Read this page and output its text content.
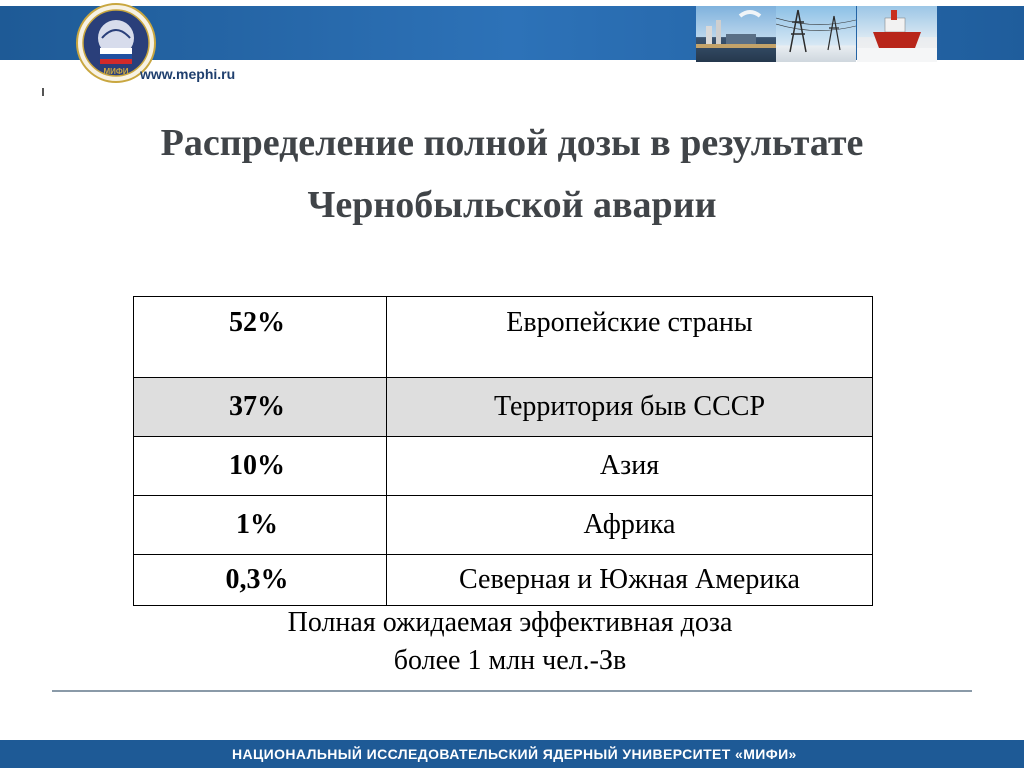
МИФИ www.mephi.ru
Распределение полной дозы в результате
Чернобыльской аварии
52%	Европейские страны
37%	Территория быв СССР
10%	Азия
1%	Африка
0,3%	Северная и Южная Америка
Полная ожидаемая эффективная доза
более 1 млн чел.-Зв
НАЦИОНАЛЬНЫЙ ИССЛЕДОВАТЕЛЬСКИЙ ЯДЕРНЫЙ УНИВЕРСИТЕТ «МИФИ»
